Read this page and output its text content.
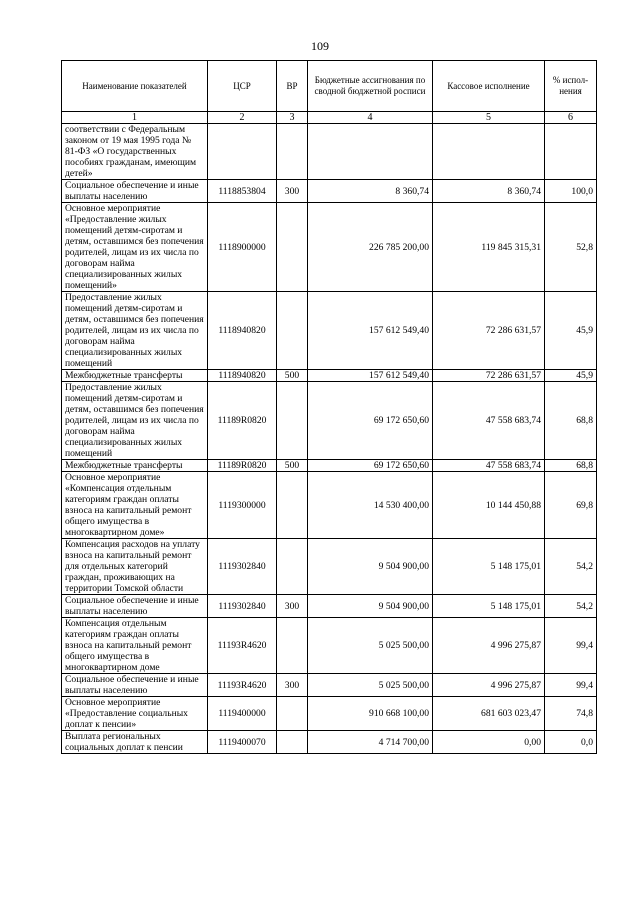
109
Наименование показателей	ЦСР	ВР	Бюджетные ассигнования по сводной бюджетной росписи	Кассовое исполнение	% испол-нения
1	2	3	4	5	6
соответствии с Федеральным законом от 19 мая 1995 года № 81-ФЗ «О государственных пособиях гражданам, имеющим детей»					
Социальное обеспечение и иные выплаты населению	1118853804	300	8 360,74	8 360,74	100,0
Основное мероприятие «Предоставление жилых помещений детям-сиротам и детям, оставшимся без попечения родителей, лицам из их числа по договорам найма специализированных жилых помещений»	1118900000		226 785 200,00	119 845 315,31	52,8
Предоставление жилых помещений детям-сиротам и детям, оставшимся без попечения родителей, лицам из их числа по договорам найма специализированных жилых помещений	1118940820		157 612 549,40	72 286 631,57	45,9
Межбюджетные трансферты	1118940820	500	157 612 549,40	72 286 631,57	45,9
Предоставление жилых помещений детям-сиротам и детям, оставшимся без попечения родителей, лицам из их числа по договорам найма специализированных жилых помещений	11189R0820		69 172 650,60	47 558 683,74	68,8
Межбюджетные трансферты	11189R0820	500	69 172 650,60	47 558 683,74	68,8
Основное мероприятие «Компенсация отдельным категориям граждан оплаты взноса на капитальный ремонт общего имущества в многоквартирном доме»	1119300000		14 530 400,00	10 144 450,88	69,8
Компенсация расходов на уплату взноса на капитальный ремонт для отдельных категорий граждан, проживающих на территории Томской области	1119302840		9 504 900,00	5 148 175,01	54,2
Социальное обеспечение и иные выплаты населению	1119302840	300	9 504 900,00	5 148 175,01	54,2
Компенсация отдельным категориям граждан оплаты взноса на капитальный ремонт общего имущества в многоквартирном доме	11193R4620		5 025 500,00	4 996 275,87	99,4
Социальное обеспечение и иные выплаты населению	11193R4620	300	5 025 500,00	4 996 275,87	99,4
Основное мероприятие «Предоставление социальных доплат к пенсии»	1119400000		910 668 100,00	681 603 023,47	74,8
Выплата региональных социальных доплат к пенсии	1119400070		4 714 700,00	0,00	0,0
